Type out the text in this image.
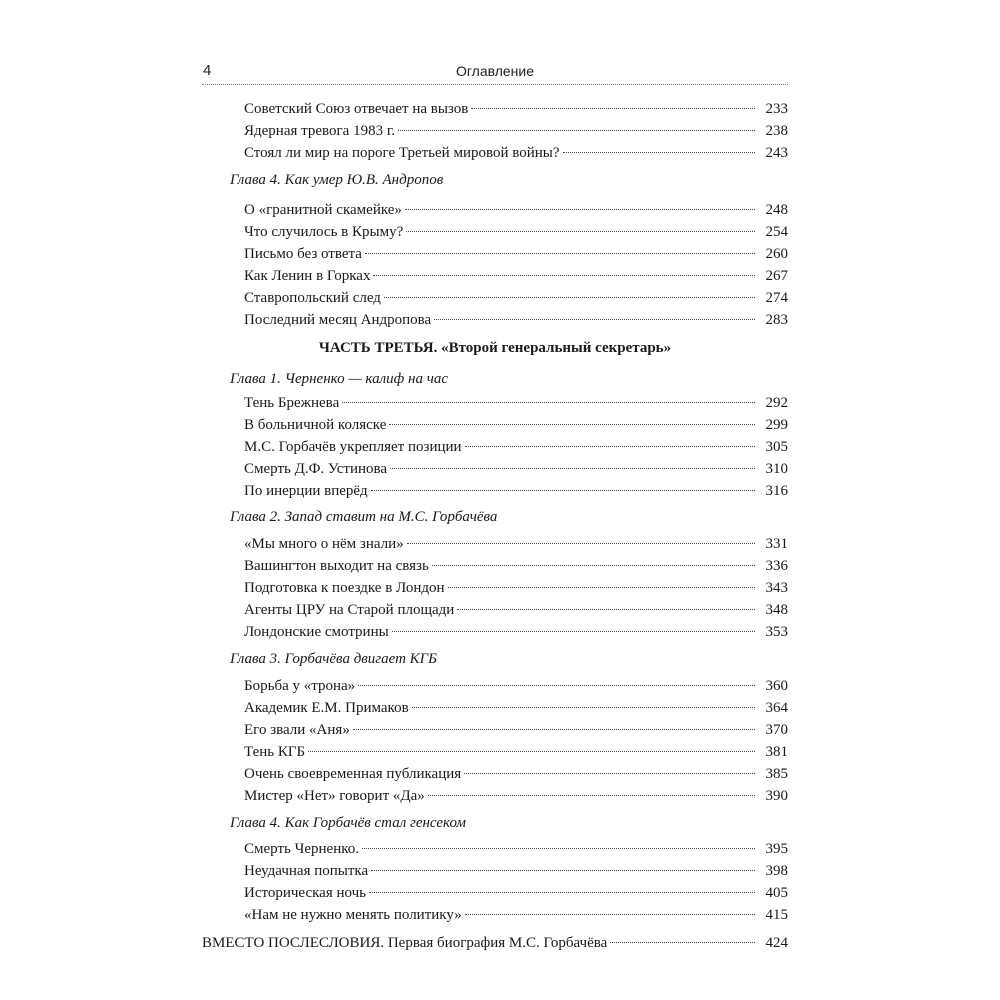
4	Оглавление
Советский Союз отвечает на вызов	233
Ядерная тревога 1983 г.	238
Стоял ли мир на пороге Третьей мировой войны?	243
Глава 4. Как умер Ю.В. Андропов
О «гранитной скамейке»	248
Что случилось в Крыму?	254
Письмо без ответа	260
Как Ленин в Горках	267
Ставропольский след	274
Последний месяц Андропова	283
ЧАСТЬ ТРЕТЬЯ. «Второй генеральный секретарь»
Глава 1. Черненко — калиф на час
Тень Брежнева	292
В больничной коляске	299
М.С. Горбачёв укрепляет позиции	305
Смерть Д.Ф. Устинова	310
По инерции вперёд	316
Глава 2. Запад ставит на М.С. Горбачёва
«Мы много о нём знали»	331
Вашингтон выходит на связь	336
Подготовка к поездке в Лондон	343
Агенты ЦРУ на Старой площади	348
Лондонские смотрины	353
Глава 3. Горбачёва двигает КГБ
Борьба у «трона»	360
Академик Е.М. Примаков	364
Его звали «Аня»	370
Тень КГБ	381
Очень своевременная публикация	385
Мистер «Нет» говорит «Да»	390
Глава 4. Как Горбачёв стал генсеком
Смерть Черненко.	395
Неудачная попытка	398
Историческая ночь	405
«Нам не нужно менять политику»	415
ВМЕСТО ПОСЛЕСЛОВИЯ. Первая биография М.С. Горбачёва	424
